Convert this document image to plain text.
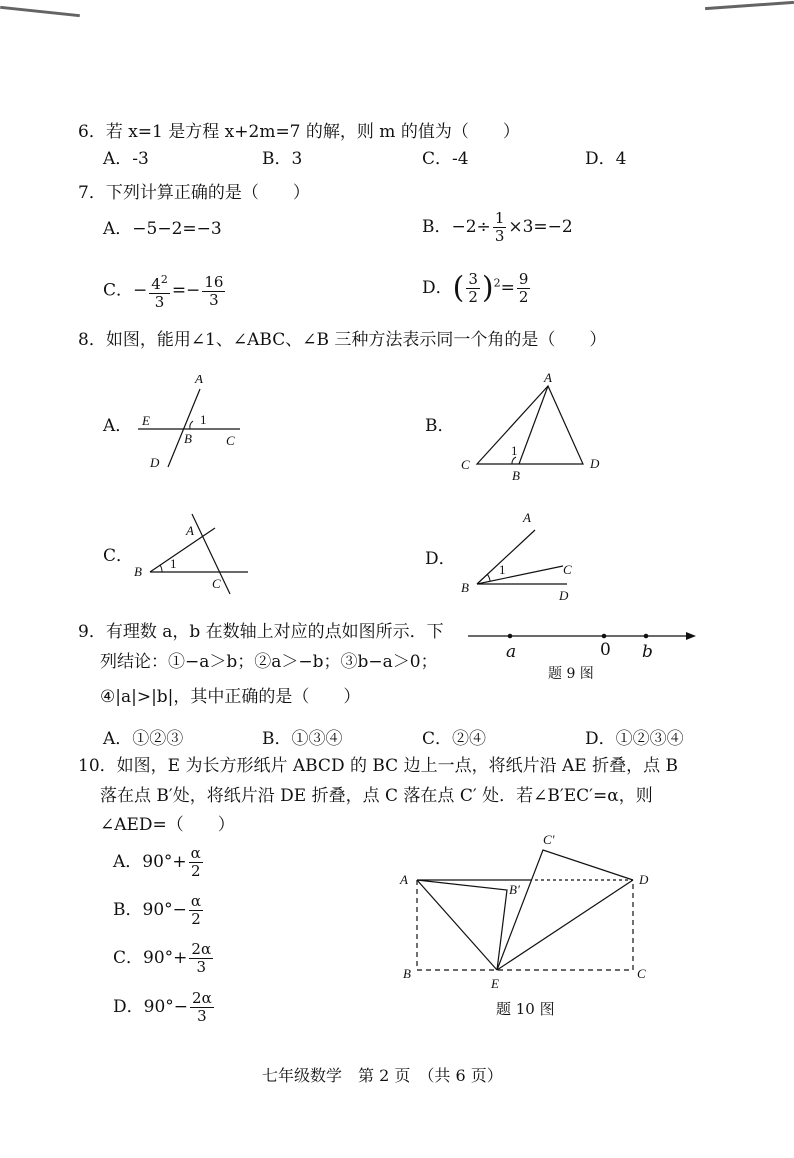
6．若 x=1 是方程 x+2m=7 的解，则 m 的值为（　　）
A．-3	B．3	C．-4	D．4
7．下列计算正确的是（　　）
A．−5−2=−3	B．$-2\div \frac{1}{3} \times 3=-2$
C．− $\frac{4^2}{3} =- \frac{16}{3}$	D．( $\frac{3}{2} )^2= \frac{9}{2}$
8．如图，能用∠1、∠ABC、∠B 三种方法表示同一个角的是（　　）
A．	B．
C．	D．
A
E	1
B	C
D
A
C
1
B
D
A
B
1
C
A
1	C
B
D
9．有理数 a，b 在数轴上对应的点如图所示．下
列结论：①−a＞b；②a＞−b；③b−a＞0；
④|a|>|b|，其中正确的是（　　）
a	0 b
题 9 图
A．①②③	B．①③④	C．②④	D．①②③④
10．如图，E 为长方形纸片 ABCD 的 BC 边上一点，将纸片沿 AE 折叠，点 B
落在点 B′处，将纸片沿 DE 折叠，点 C 落在点 C′ 处．若∠B′EC′=α，则
∠AED=（　　）
A．$90^\circ+ \frac{\alpha}{2}$
B．$90^\circ- \frac{\alpha}{2}$
C．$90^\circ+ \frac{2\alpha}{3}$
D．$90^\circ- \frac{2\alpha}{3}$
A
B'
C'
D
B	C
E
题 10 图
七年级数学　第 2 页　（共 6 页）
